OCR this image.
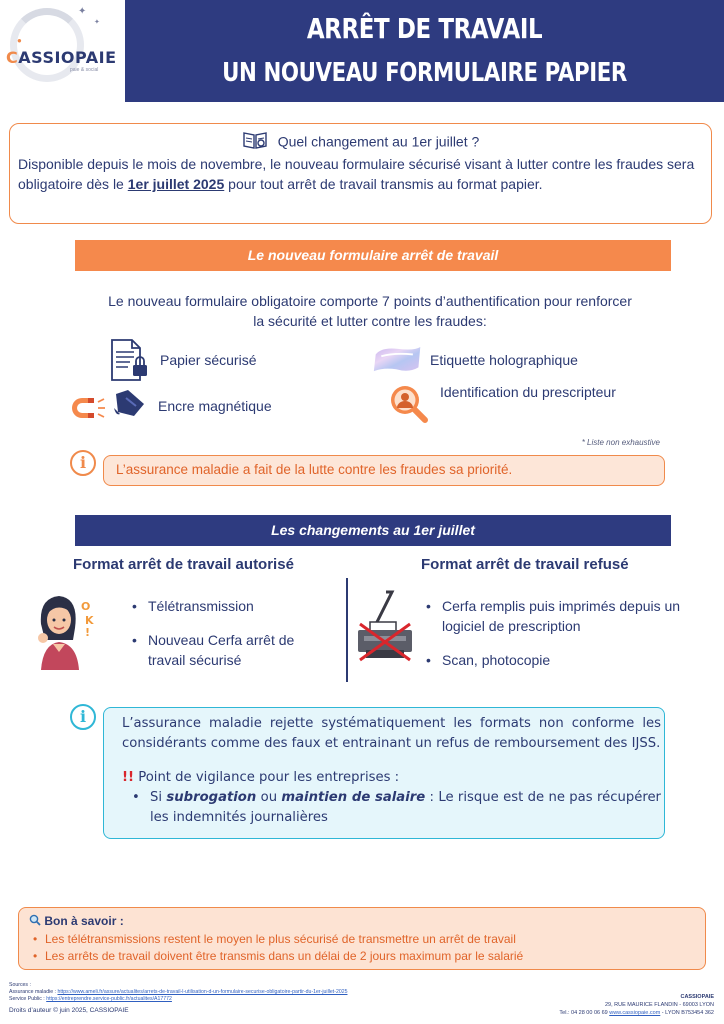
✦
✦
●
CASSIOPAIE
paie & social
ARRÊT DE TRAVAIL
UN NOUVEAU FORMULAIRE PAPIER
Quel changement au 1er juillet ?
Disponible depuis le mois de novembre, le nouveau formulaire sécurisé visant à lutter contre les fraudes sera obligatoire dès le 1er juillet 2025 pour tout arrêt de travail transmis au format papier.
Le nouveau formulaire arrêt de travail
Le nouveau formulaire obligatoire comporte 7 points d’authentification pour renforcer
la sécurité et lutter contre les fraudes:
Papier sécurisé	Etiquette holographique
Encre magnétique
Identification du prescripteur
* Liste non exhaustive
i	L’assurance maladie a fait de la lutte contre les fraudes sa priorité.
Les changements au 1er juillet
Format arrêt de travail autorisé	Format arrêt de travail refusé
O
K
!
• Télétransmission
• Nouveau Cerfa arrêt de travail sécurisé
• Cerfa remplis puis imprimés depuis un logiciel de prescription
• Scan, photocopie
i	L’assurance maladie rejette systématiquement les formats non conforme les considérants comme des faux et entrainant un refus de remboursement des IJSS.
!! Point de vigilance pour les entreprises :
• Si subrogation ou maintien de salaire : Le risque est de ne pas récupérer les indemnités journalières
Bon à savoir :
• Les télétransmissions restent le moyen le plus sécurisé de transmettre un arrêt de travail
• Les arrêts de travail doivent être transmis dans un délai de 2 jours maximum par le salarié
Sources :
Assurance maladie : https://www.ameli.fr/assure/actualites/arrets-de-travail-l-utilisation-d-un-formulaire-securise-obligatoire-partir-du-1er-juillet-2025
Service Public : https://entreprendre.service-public.fr/actualites/A17772
Droits d’auteur © juin 2025, CASSIOPAIE
CASSIOPAIE
29, RUE MAURICE FLANDIN - 69003 LYON
Tel.: 04 28 00 06 69 www.cassiopaie.com - LYON B753454 362
